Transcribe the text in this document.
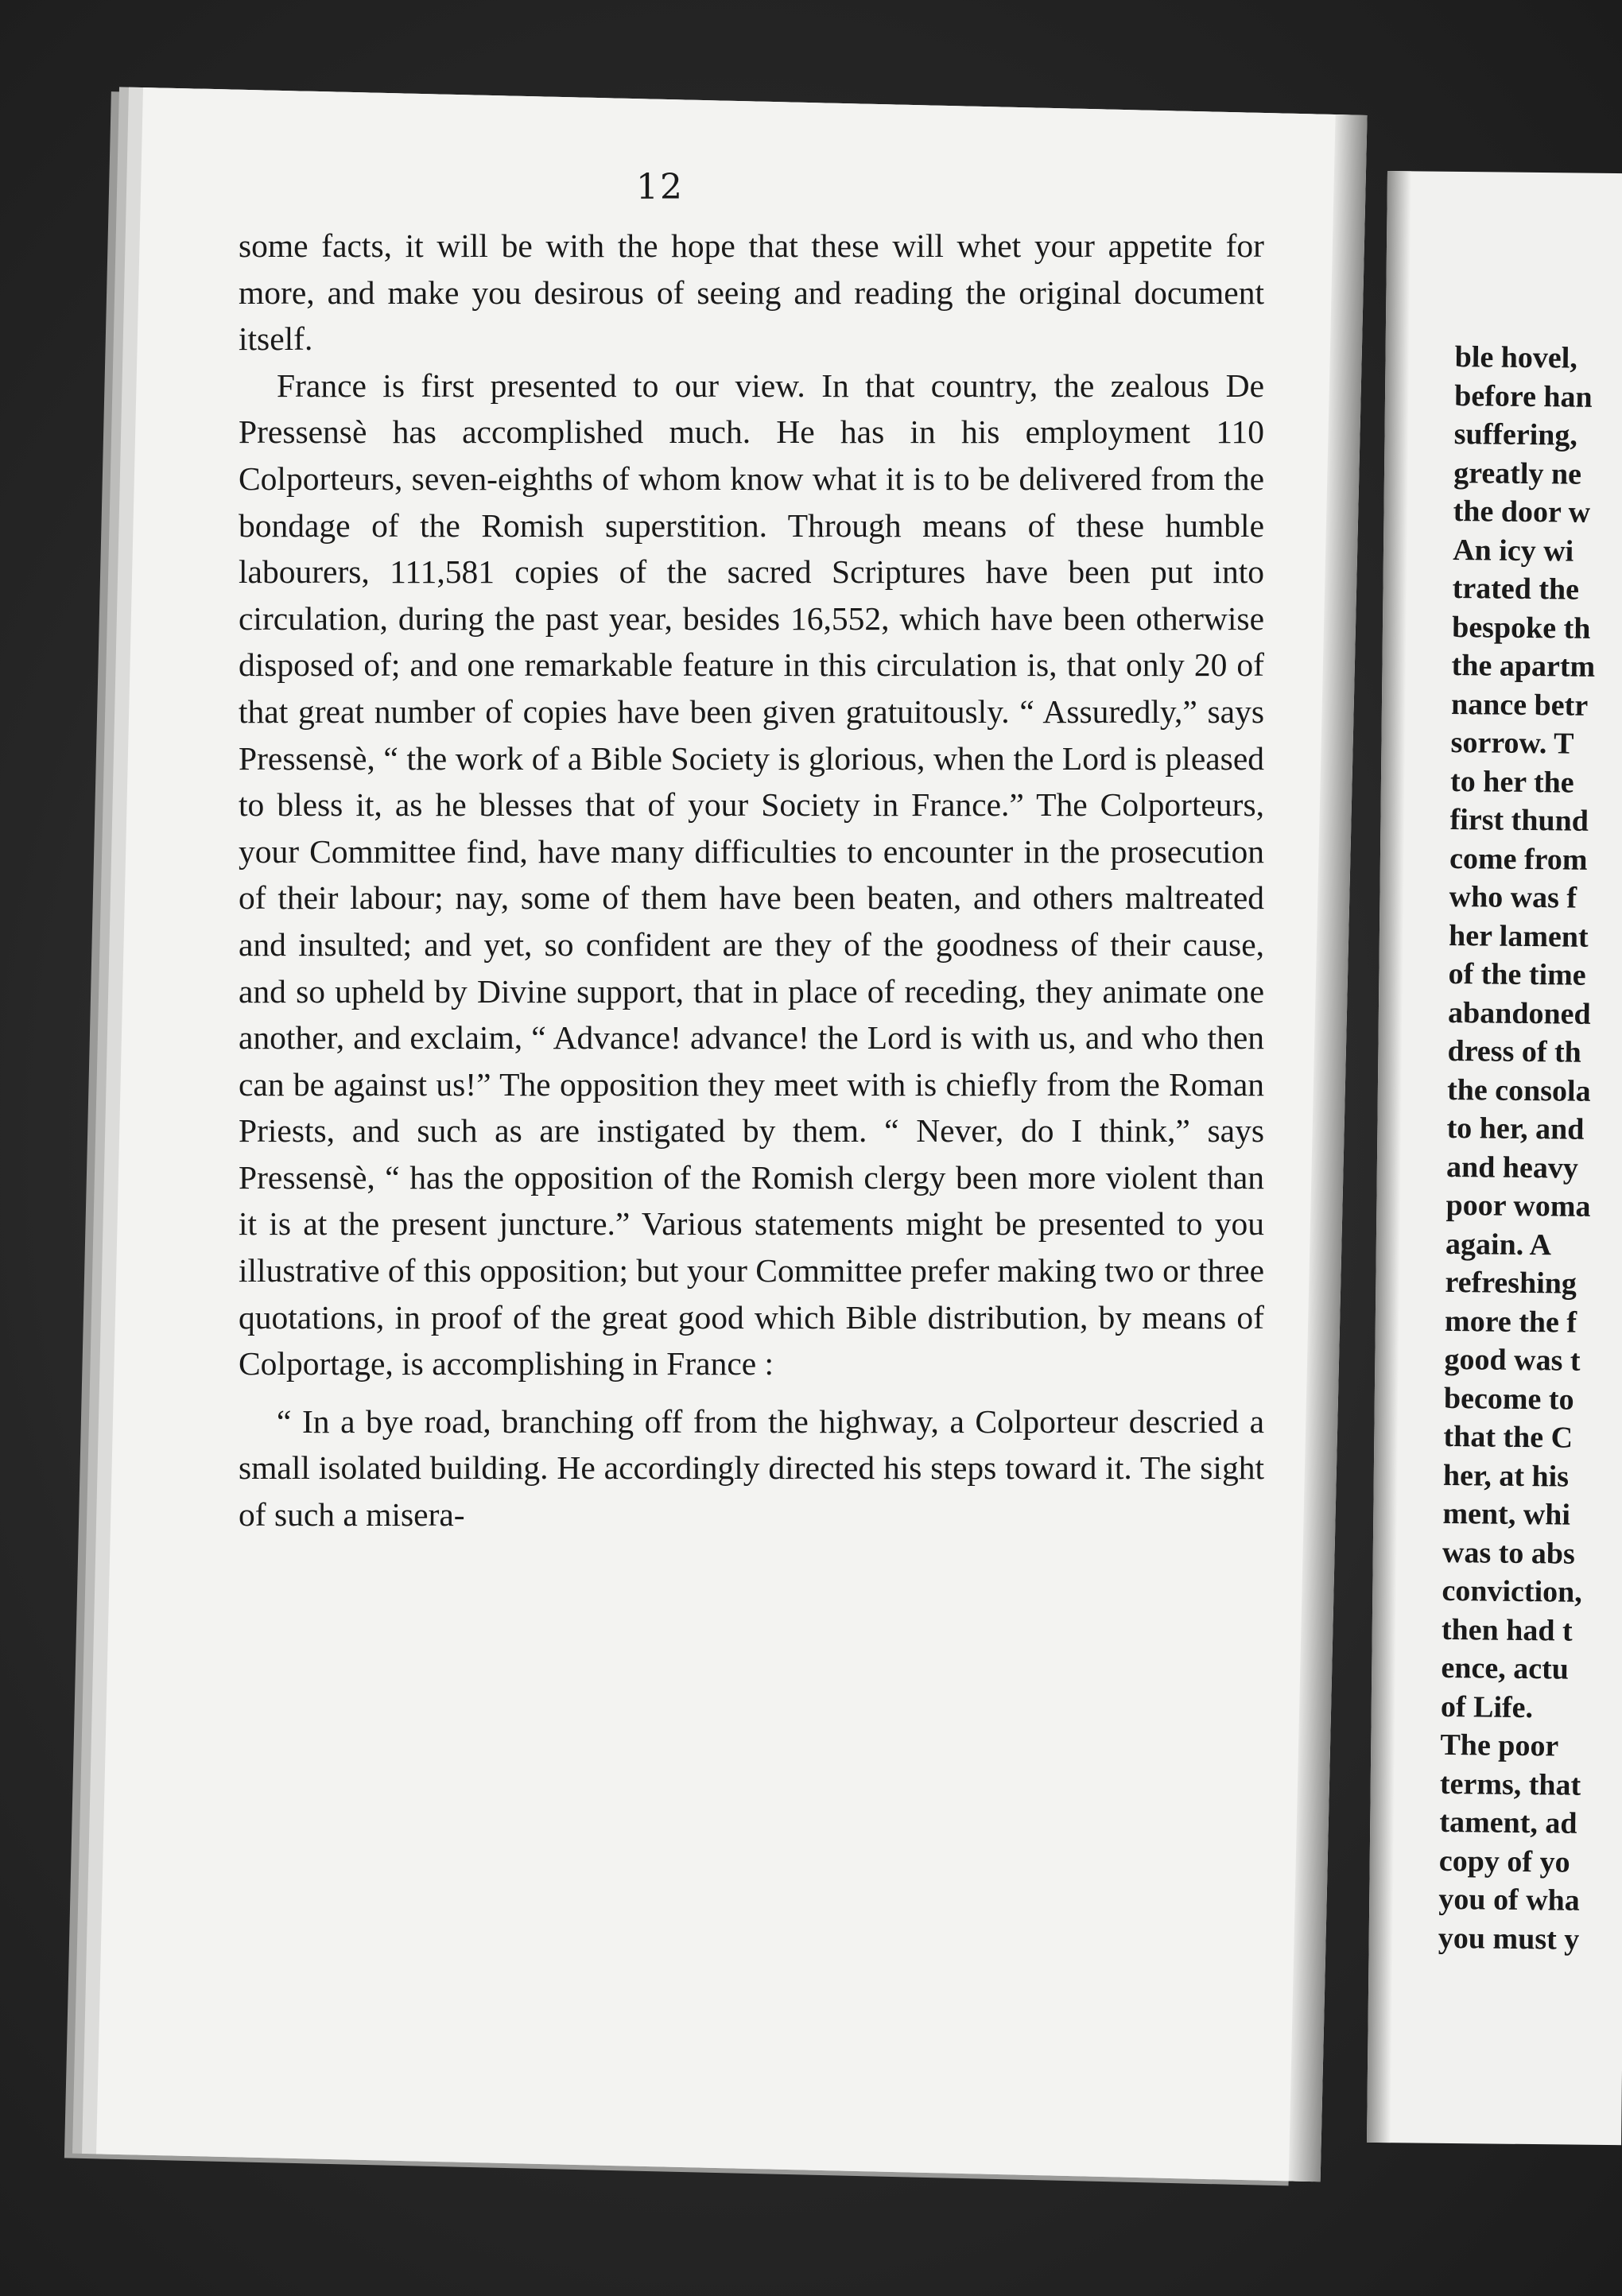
12

some facts, it will be with the hope that these will whet your appetite for more, and make you desirous of seeing and reading the original document itself.

France is first presented to our view. In that country, the zealous De Pressensè has accomplished much. He has in his employment 110 Colporteurs, seven-eighths of whom know what it is to be delivered from the bondage of the Romish superstition. Through means of these humble labourers, 111,581 copies of the sacred Scriptures have been put into circulation, during the past year, besides 16,552, which have been otherwise disposed of; and one remarkable feature in this circulation is, that only 20 of that great number of copies have been given gratuitously. “ Assuredly,” says Pressensè, “ the work of a Bible Society is glorious, when the Lord is pleased to bless it, as he blesses that of your Society in France.” The Colporteurs, your Committee find, have many difficulties to encounter in the prosecution of their labour; nay, some of them have been beaten, and others maltreated and insulted; and yet, so confident are they of the goodness of their cause, and so upheld by Divine support, that in place of receding, they animate one another, and exclaim, “ Advance! advance! the Lord is with us, and who then can be against us!” The opposition they meet with is chiefly from the Roman Priests, and such as are instigated by them. “ Never, do I think,” says Pressensè, “ has the opposition of the Romish clergy been more violent than it is at the present juncture.” Various statements might be presented to you illustrative of this opposition; but your Committee prefer making two or three quotations, in proof of the great good which Bible distribution, by means of Colportage, is accomplishing in France :

“ In a bye road, branching off from the highway, a Colporteur descried a small isolated building. He accordingly directed his steps toward it. The sight of such a misera-

ble hovel,
before han
suffering,
greatly ne
the door w
An icy wi
trated the
bespoke th
the apartm
nance betr
sorrow. T
to her the
first thund
come from
who was f
her lament
of the time
abandoned
dress of th
the consola
to her, and
and heavy
poor woma
again. A
refreshing
more the f
good was t
become to
that the C
her, at his
ment, whi
was to abs
conviction,
then had t
ence, actu
of Life.
The poor
terms, that
tament, ad
copy of yo
you of wha
you must y
